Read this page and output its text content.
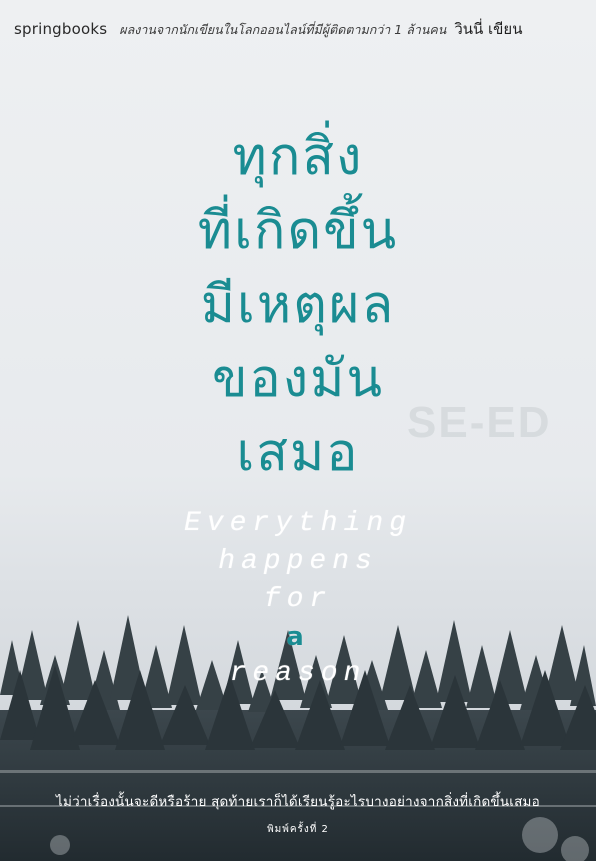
springbooks ผลงานจากนักเขียนในโลกออนไลน์ที่มีผู้ติดตามกว่า 1 ล้านคน วินนี่ เขียน
ทุกสิ่ง
ที่เกิดขึ้น
มีเหตุผล
ของมัน
เสมอ
SE-ED
Everything
happens
for
a
reason
ไม่ว่าเรื่องนั้นจะดีหรือร้าย สุดท้ายเราก็ได้เรียนรู้อะไรบางอย่างจากสิ่งที่เกิดขึ้นเสมอ
พิมพ์ครั้งที่ 2
